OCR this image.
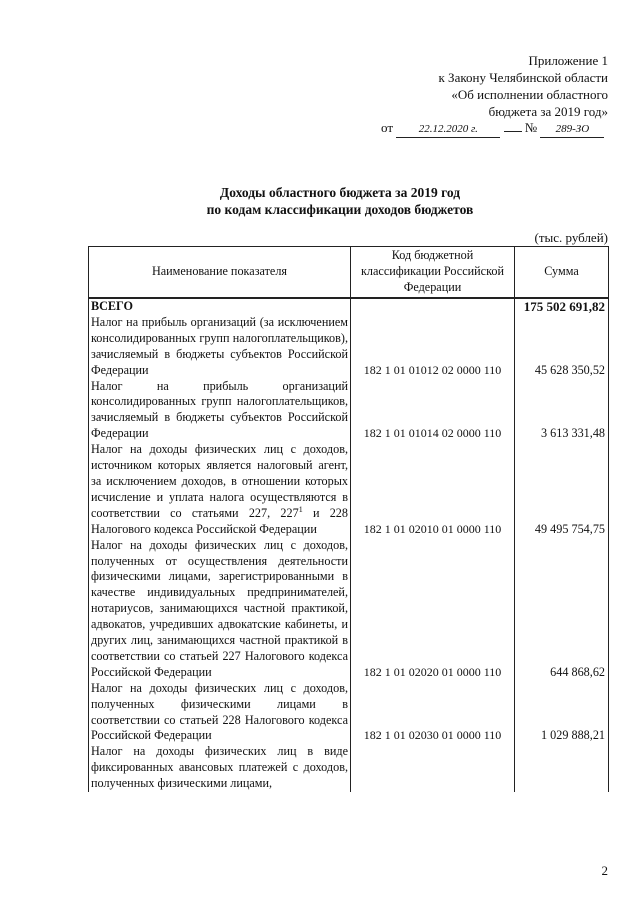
Приложение 1
к Закону Челябинской области
«Об исполнении областного
бюджета за 2019 год»
от 22.12.2020 г.	№ 289-ЗО
Доходы областного бюджета за 2019 год
по кодам классификации доходов бюджетов
(тыс. рублей)
Наименование показателя	Код бюджетной классификации Российской Федерации	Сумма
ВСЕГО		175 502 691,82
Налог на прибыль организаций (за исключением консолидированных групп налогоплательщиков), зачисляемый в бюджеты субъектов Российской Федерации	182 1 01 01012 02 0000 110	45 628 350,52
Налог на прибыль организаций консолидированных групп налогоплательщиков, зачисляемый в бюджеты субъектов Российской Федерации	182 1 01 01014 02 0000 110	3 613 331,48
Налог на доходы физических лиц с доходов, источником которых является налоговый агент, за исключением доходов, в отношении которых исчисление и уплата налога осуществляются в соответствии со статьями 227, $227^1$ и 228 Налогового кодекса Российской Федерации	182 1 01 02010 01 0000 110	49 495 754,75
Налог на доходы физических лиц с доходов, полученных от осуществления деятельности физическими лицами, зарегистрированными в качестве индивидуальных предпринимателей, нотариусов, занимающихся частной практикой, адвокатов, учредивших адвокатские кабинеты, и других лиц, занимающихся частной практикой в соответствии со статьей 227 Налогового кодекса Российской Федерации	182 1 01 02020 01 0000 110	644 868,62
Налог на доходы физических лиц с доходов, полученных физическими лицами в соответствии со статьей 228 Налогового кодекса Российской Федерации	182 1 01 02030 01 0000 110	1 029 888,21
Налог на доходы физических лиц в виде фиксированных авансовых платежей с доходов, полученных физическими лицами,		
2
